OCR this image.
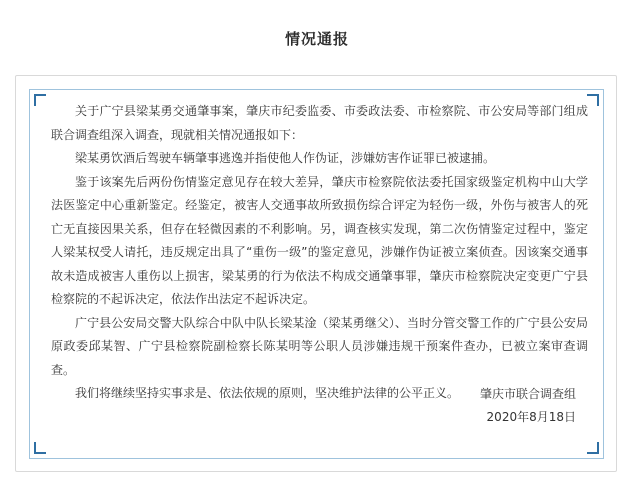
情况通报

关于广宁县梁某勇交通肇事案，肇庆市纪委监委、市委政法委、市检察院、市公安局等部门组成联合调查组深入调查，现就相关情况通报如下：

梁某勇饮酒后驾驶车辆肇事逃逸并指使他人作伪证，涉嫌妨害作证罪已被逮捕。

鉴于该案先后两份伤情鉴定意见存在较大差异，肇庆市检察院依法委托国家级鉴定机构中山大学法医鉴定中心重新鉴定。经鉴定，被害人交通事故所致损伤综合评定为轻伤一级，外伤与被害人的死亡无直接因果关系，但存在轻微因素的不利影响。另，调查核实发现，第二次伤情鉴定过程中，鉴定人梁某权受人请托，违反规定出具了“重伤一级”的鉴定意见，涉嫌作伪证被立案侦查。因该案交通事故未造成被害人重伤以上损害，梁某勇的行为依法不构成交通肇事罪，肇庆市检察院决定变更广宁县检察院的不起诉决定，依法作出法定不起诉决定。

广宁县公安局交警大队综合中队中队长梁某淦（梁某勇继父）、当时分管交警工作的广宁县公安局原政委邱某智、广宁县检察院副检察长陈某明等公职人员涉嫌违规干预案件查办，已被立案审查调查。

我们将继续坚持实事求是、依法依规的原则，坚决维护法律的公平正义。	肇庆市联合调查组
2020年8月18日
